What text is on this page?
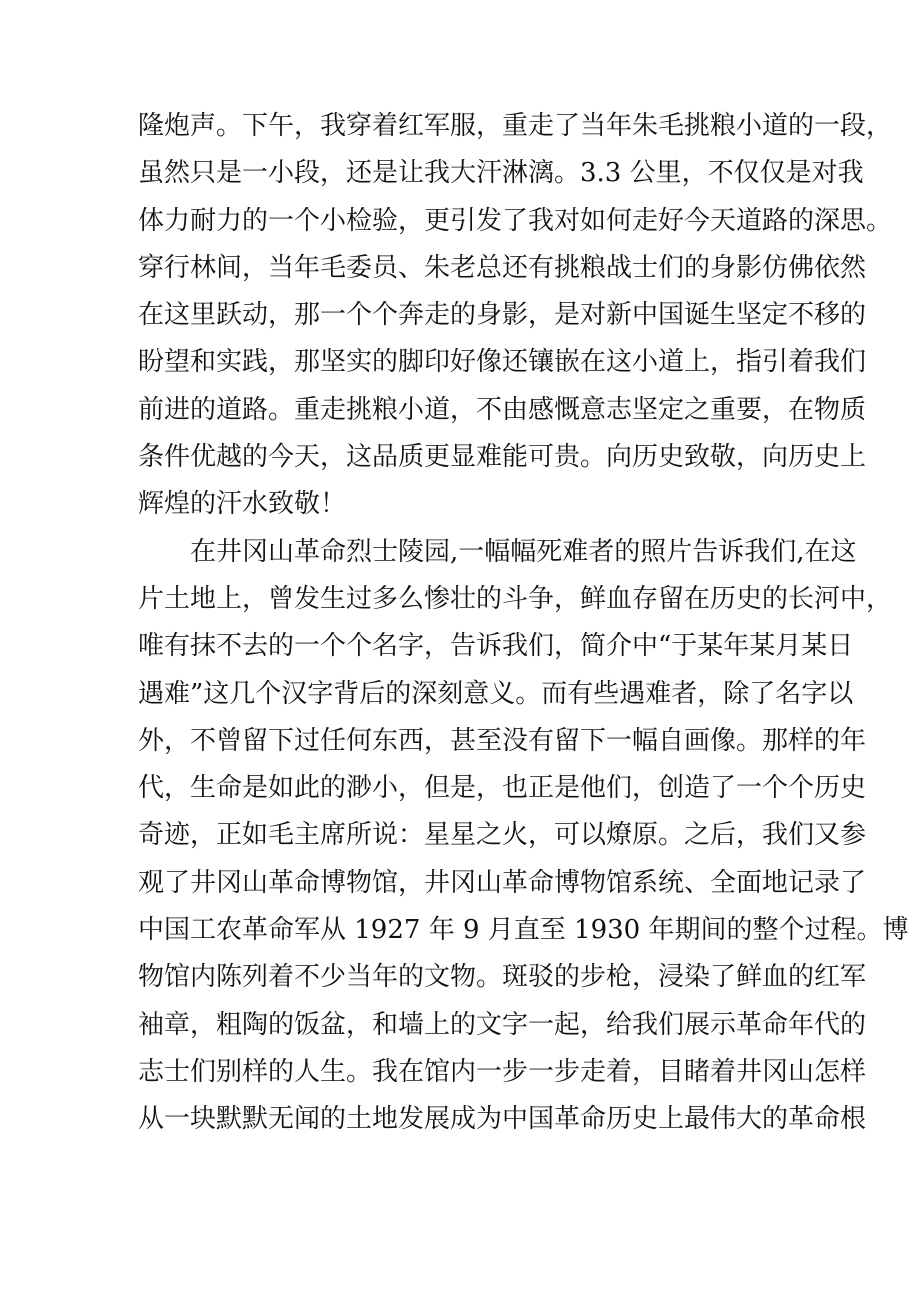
隆炮声。下午，我穿着红军服，重走了当年朱毛挑粮小道的一段，
虽然只是一小段，还是让我大汗淋漓。3.3 公里，不仅仅是对我
体力耐力的一个小检验，更引发了我对如何走好今天道路的深思。
穿行林间，当年毛委员、朱老总还有挑粮战士们的身影仿佛依然
在这里跃动，那一个个奔走的身影，是对新中国诞生坚定不移的
盼望和实践，那坚实的脚印好像还镶嵌在这小道上，指引着我们
前进的道路。重走挑粮小道，不由感慨意志坚定之重要，在物质
条件优越的今天，这品质更显难能可贵。向历史致敬，向历史上
辉煌的汗水致敬！
在井冈山革命烈士陵园,一幅幅死难者的照片告诉我们,在这
片土地上，曾发生过多么惨壮的斗争，鲜血存留在历史的长河中，
唯有抹不去的一个个名字，告诉我们，简介中“于某年某月某日
遇难”这几个汉字背后的深刻意义。而有些遇难者，除了名字以
外，不曾留下过任何东西，甚至没有留下一幅自画像。那样的年
代，生命是如此的渺小，但是，也正是他们，创造了一个个历史
奇迹，正如毛主席所说：星星之火，可以燎原。之后，我们又参
观了井冈山革命博物馆，井冈山革命博物馆系统、全面地记录了
中国工农革命军从 1927 年 9 月直至 1930 年期间的整个过程。博
物馆内陈列着不少当年的文物。斑驳的步枪，浸染了鲜血的红军
袖章，粗陶的饭盆，和墙上的文字一起，给我们展示革命年代的
志士们别样的人生。我在馆内一步一步走着，目睹着井冈山怎样
从一块默默无闻的土地发展成为中国革命历史上最伟大的革命根
